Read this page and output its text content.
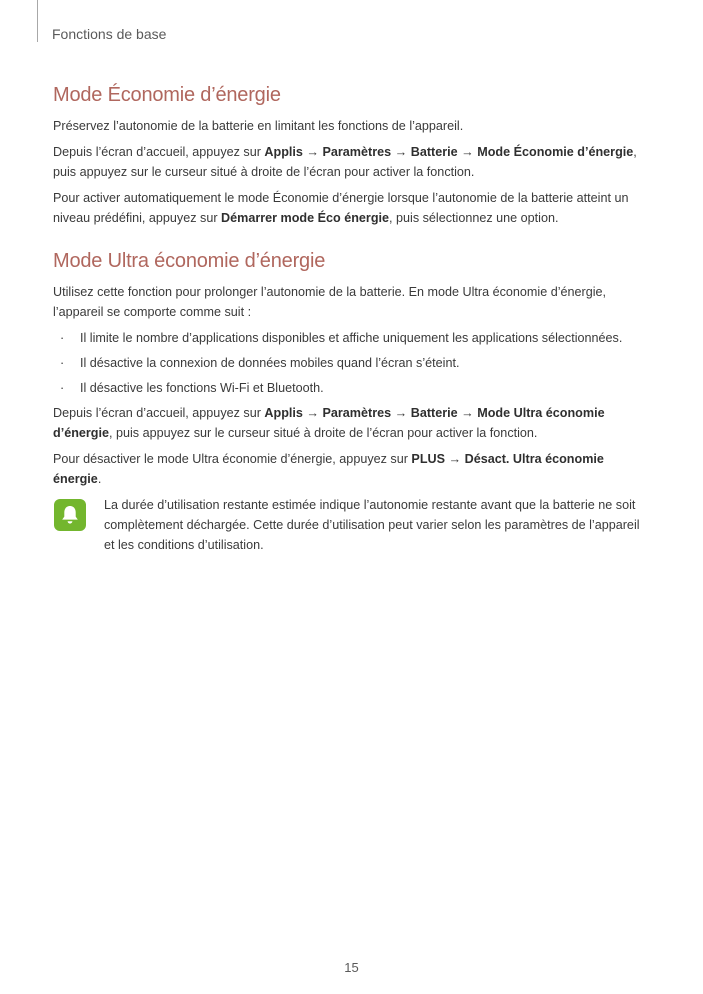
Fonctions de base
Mode Économie d’énergie

Préservez l’autonomie de la batterie en limitant les fonctions de l’appareil.

Depuis l’écran d’accueil, appuyez sur Applis → Paramètres → Batterie → Mode Économie d’énergie, puis appuyez sur le curseur situé à droite de l’écran pour activer la fonction.

Pour activer automatiquement le mode Économie d’énergie lorsque l’autonomie de la batterie atteint un niveau prédéfini, appuyez sur Démarrer mode Éco énergie, puis sélectionnez une option.

Mode Ultra économie d’énergie

Utilisez cette fonction pour prolonger l’autonomie de la batterie. En mode Ultra économie d’énergie, l’appareil se comporte comme suit :

· Il limite le nombre d’applications disponibles et affiche uniquement les applications sélectionnées.
· Il désactive la connexion de données mobiles quand l’écran s’éteint.
· Il désactive les fonctions Wi-Fi et Bluetooth.

Depuis l’écran d’accueil, appuyez sur Applis → Paramètres → Batterie → Mode Ultra économie d’énergie, puis appuyez sur le curseur situé à droite de l’écran pour activer la fonction.

Pour désactiver le mode Ultra économie d’énergie, appuyez sur PLUS → Désact. Ultra économie énergie.

La durée d’utilisation restante estimée indique l’autonomie restante avant que la batterie ne soit complètement déchargée. Cette durée d’utilisation peut varier selon les paramètres de l’appareil et les conditions d’utilisation.

15
